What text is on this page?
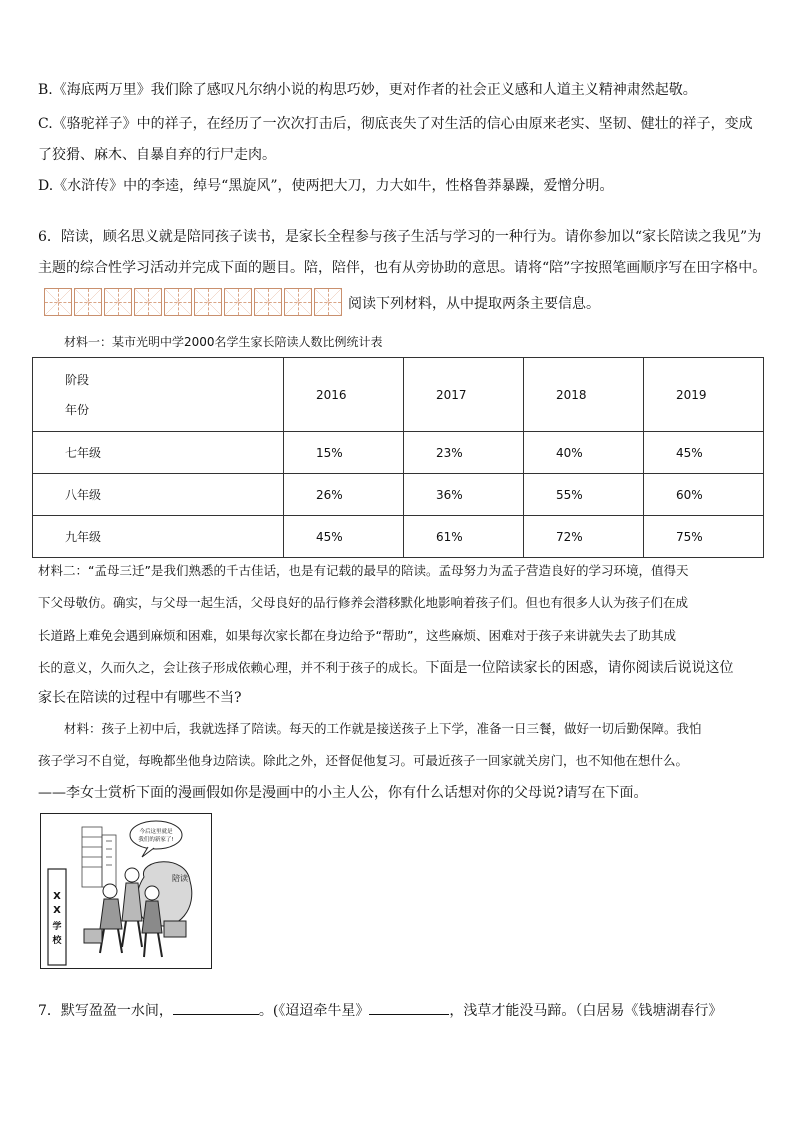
B.《海底两万里》我们除了感叹凡尔纳小说的构思巧妙，更对作者的社会正义感和人道主义精神肃然起敬。
C.《骆驼祥子》中的祥子，在经历了一次次打击后，彻底丧失了对生活的信心由原来老实、坚韧、健壮的祥子，变成
了狡猾、麻木、自暴自弃的行尸走肉。
D.《水浒传》中的李逵，绰号“黑旋风”，使两把大刀，力大如牛，性格鲁莽暴躁，爱憎分明。
6．陪读，顾名思义就是陪同孩子读书，是家长全程参与孩子生活与学习的一种行为。请你参加以“家长陪读之我见”为
主题的综合性学习活动并完成下面的题目。陪，陪伴，也有从旁协助的意思。请将“陪”字按照笔画顺序写在田字格中。
阅读下列材料，从中提取两条主要信息。
材料一：某市光明中学2000名学生家长陪读人数比例统计表
阶段
年份	2016	2017	2018	2019
七年级	15%	23%	40%	45%
八年级	26%	36%	55%	60%
九年级	45%	61%	72%	75%
材料二：“孟母三迁”是我们熟悉的千古佳话，也是有记载的最早的陪读。孟母努力为孟子营造良好的学习环境，值得天
下父母敬仿。确实，与父母一起生活，父母良好的品行修养会潜移默化地影响着孩子们。但也有很多人认为孩子们在成
长道路上难免会遇到麻烦和困难，如果每次家长都在身边给予“帮助”，这些麻烦、困难对于孩子来讲就失去了助其成
长的意义，久而久之，会让孩子形成依赖心理，并不利于孩子的成长。下面是一位陪读家长的困惑，请你阅读后说说这位
家长在陪读的过程中有哪些不当?
材料：孩子上初中后，我就选择了陪读。每天的工作就是接送孩子上下学，准备一日三餐，做好一切后勤保障。我怕
孩子学习不自觉，每晚都坐他身边陪读。除此之外，还督促他复习。可最近孩子一回家就关房门，也不知他在想什么。
——李女士赏析下面的漫画假如你是漫画中的小主人公，你有什么话想对你的父母说?请写在下面。
X
X
学
校
今后这里就是
我们的新家了!
陪读
7．默写盈盈一水间，	。(《迢迢牵牛星》	，浅草才能没马蹄。（白居易《钱塘湖春行》
